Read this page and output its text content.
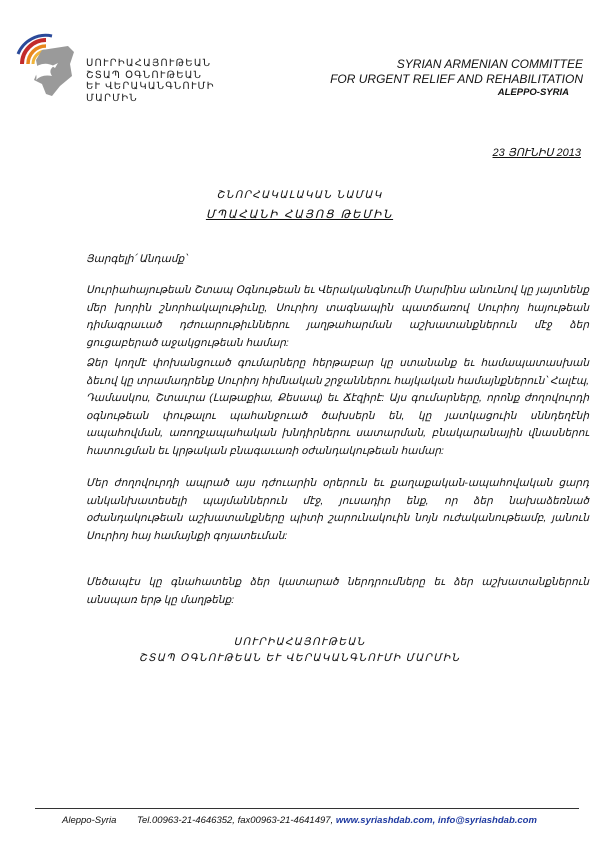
ՍՈՒՐԻԱՀԱՅՈՒԹԵԱՆ
ՇՏԱՊ ՕԳՆՈՒԹԵԱՆ
ԵՒ ՎԵՐԱԿԱՆԳՆՈՒՄԻ
ՄԱՐՄԻՆ
SYRIAN ARMENIAN COMMITTEE
FOR URGENT RELIEF AND REHABILITATION
ALEPPO-SYRIA
23 ՅՈՒՆԻՍ 2013
ՇՆՈՐՀԱԿԱԼԱԿԱՆ ՆԱՄԱԿ
ՄՊԱՀԱՆԻ ՀԱՅՈՑ ԹԵՄԻՆ
Յարգելի՛ Անդամք՝
Սուրիահայութեան Շտապ Օգնութեան եւ Վերականգնումի Մարմինս անունով կը յայտնենք մեր խորին շնորհակալութիւնը, Սուրիոյ տագնապին պատճառով Սուրիոյ հայութեան դիմագրաւած դժուարութիւններու յաղթահարման աշխատանքներուն մէջ ձեր ցուցաբերած աջակցութեան համար:
Ձեր կողմէ փոխանցուած գումարները հերթաբար կը ստանանք եւ համապատասխան ձեւով կը տրամադրենք Սուրիոյ հիմնական շրջաններու հայկական համայնքներուն՝ Հալէպ, Դամասկոս, Շտաւրա (Լաթաքիա, Քեսապ) եւ Ճէզիրէ: Այս գումարները, որոնք ժողովուրդի օգնութեան փութալու պահանջուած ծախսերն են, կը յատկացուին սննդեղէնի ապահովման, առողջապահական խնդիրներու սատարման, բնակարանային վնասներու հատուցման եւ կրթական բնագաւառի օժանդակութեան համար:
Մեր ժողովուրդի ապրած այս դժուարին օրերուն եւ քաղաքական-ապահովական ցարդ անկանխատեսելի պայմաններուն մէջ, յուսադիր ենք, որ ձեր նախաձեռնած օժանդակութեան աշխատանքները պիտի շարունակուին նոյն ուժականութեամբ, յանուն Սուրիոյ հայ համայնքի գոյատեւման:
Մեծապէս կը գնահատենք ձեր կատարած ներդրումները եւ ձեր աշխատանքներուն անսպառ երթ կը մաղթենք:
ՍՈՒՐԻԱՀԱՅՈՒԹԵԱՆ
ՇՏԱՊ ՕԳՆՈՒԹԵԱՆ ԵՒ ՎԵՐԱԿԱՆԳՆՈՒՄԻ ՄԱՐՄԻՆ
Aleppo-Syria Tel.00963-21-4646352, fax00963-21-4641497, www.syriashdab.com, info@syriashdab.com
